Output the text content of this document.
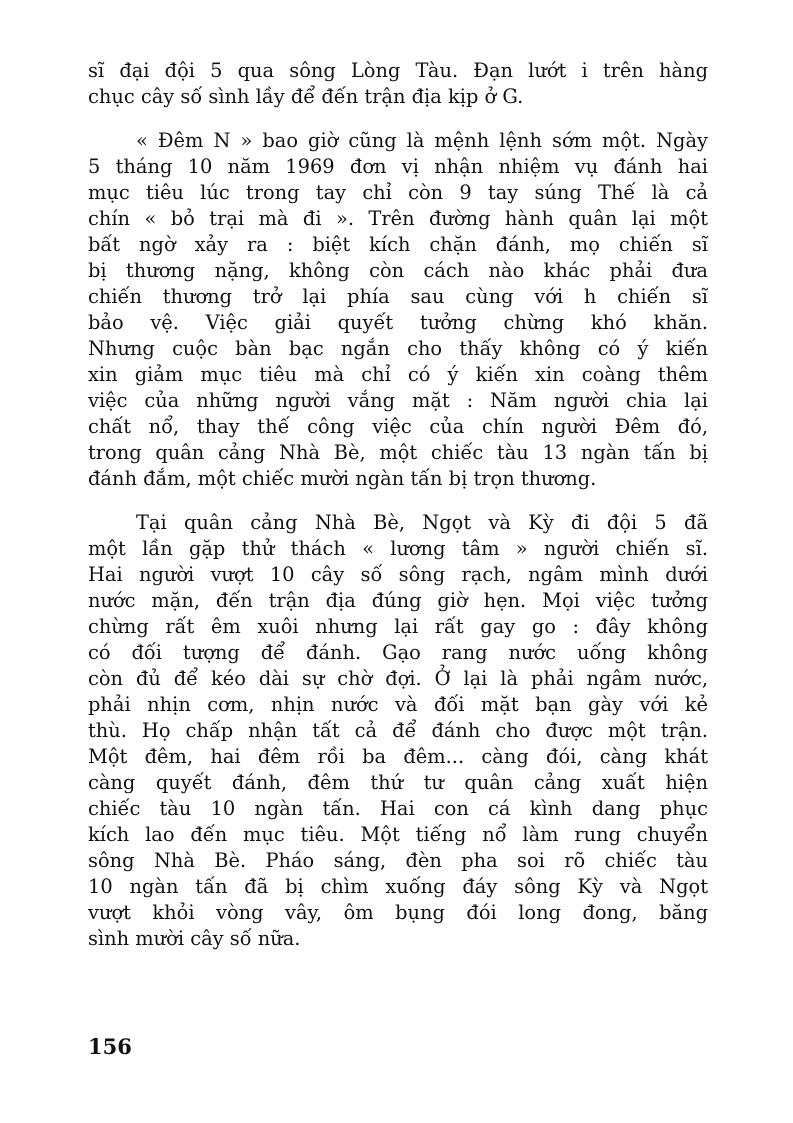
sĩ đại đội 5 qua sông Lòng Tàu. Đạn lướt i trên hàng
chục cây số sình lầy để đến trận địa kịp ở G.

« Đêm N » bao giờ cũng là mệnh lệnh sớm một. Ngày
5 tháng 10 năm 1969 đơn vị nhận nhiệm vụ đánh hai
mục tiêu lúc trong tay chỉ còn 9 tay súng Thế là cả
chín « bỏ trại mà đi ». Trên đường hành quân lại một
bất ngờ xảy ra : biệt kích chặn đánh, mọ chiến sĩ
bị thương nặng, không còn cách nào khác phải đưa
chiến thương trở lại phía sau cùng với h chiến sĩ
bảo vệ. Việc giải quyết tưởng chừng khó khăn.
Nhưng cuộc bàn bạc ngắn cho thấy không có ý kiến
xin giảm mục tiêu mà chỉ có ý kiến xin coàng thêm
việc của những người vắng mặt : Năm người chia lại
chất nổ, thay thế công việc của chín người Đêm đó,
trong quân cảng Nhà Bè, một chiếc tàu 13 ngàn tấn bị
đánh đắm, một chiếc mười ngàn tấn bị trọn thương.

Tại quân cảng Nhà Bè, Ngọt và Kỳ đi đội 5 đã
một lần gặp thử thách « lương tâm » người chiến sĩ.
Hai người vượt 10 cây số sông rạch, ngâm mình dưới
nước mặn, đến trận địa đúng giờ hẹn. Mọi việc tưởng
chừng rất êm xuôi nhưng lại rất gay go : đây không
có đối tượng để đánh. Gạo rang nước uống không
còn đủ để kéo dài sự chờ đợi. Ở lại là phải ngâm nước,
phải nhịn cơm, nhịn nước và đối mặt bạn gày với kẻ
thù. Họ chấp nhận tất cả để đánh cho được một trận.
Một đêm, hai đêm rồi ba đêm... càng đói, càng khát
càng quyết đánh, đêm thứ tư quân cảng xuất hiện
chiếc tàu 10 ngàn tấn. Hai con cá kình dang phục
kích lao đến mục tiêu. Một tiếng nổ làm rung chuyển
sông Nhà Bè. Pháo sáng, đèn pha soi rõ chiếc tàu
10 ngàn tấn đã bị chìm xuống đáy sông Kỳ và Ngọt
vượt khỏi vòng vây, ôm bụng đói long đong, băng
sình mười cây số nữa.

156
